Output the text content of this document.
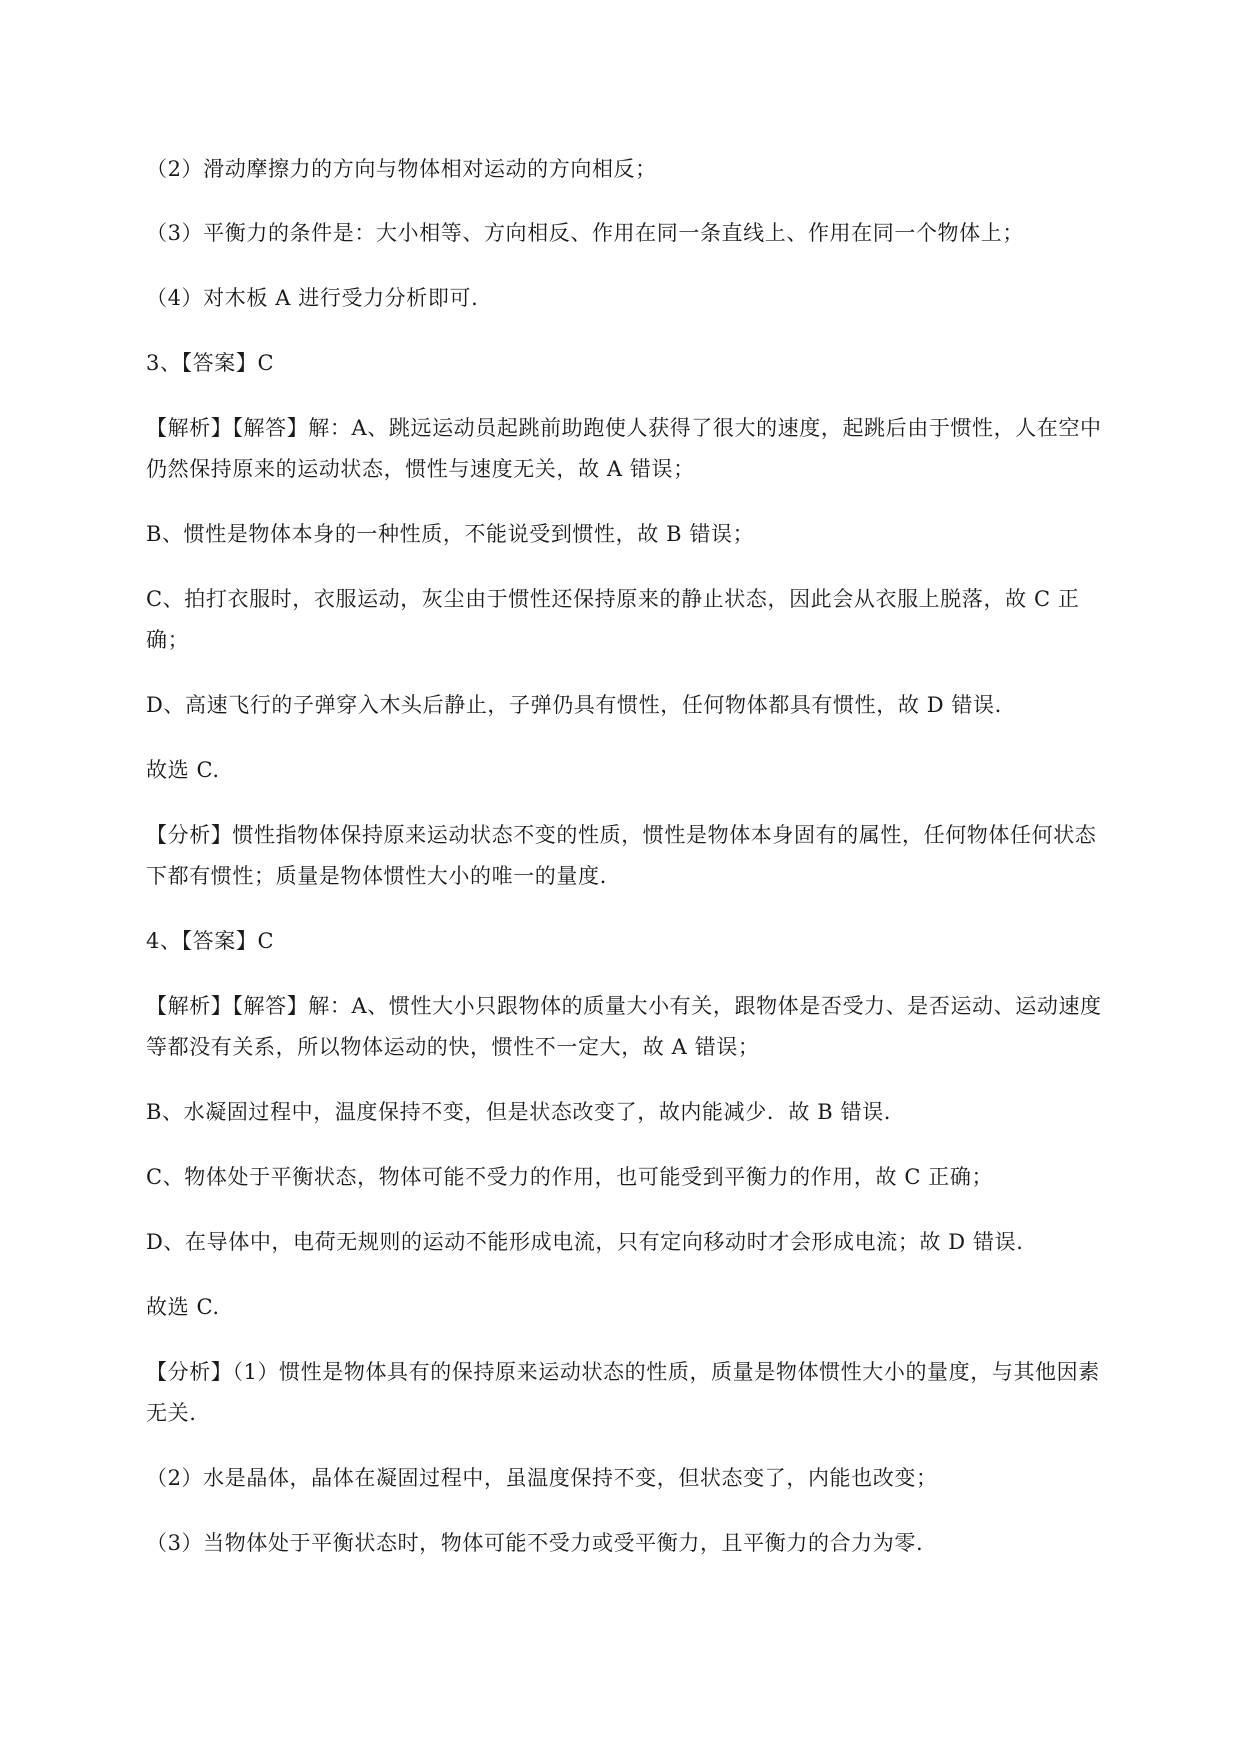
（2）滑动摩擦力的方向与物体相对运动的方向相反；
（3）平衡力的条件是：大小相等、方向相反、作用在同一条直线上、作用在同一个物体上；
（4）对木板 A 进行受力分析即可.
3、【答案】C
【解析】【解答】解：A、跳远运动员起跳前助跑使人获得了很大的速度，起跳后由于惯性，人在空中
仍然保持原来的运动状态，惯性与速度无关，故 A 错误；
B、惯性是物体本身的一种性质，不能说受到惯性，故 B 错误；
C、拍打衣服时，衣服运动，灰尘由于惯性还保持原来的静止状态，因此会从衣服上脱落，故 C 正
确；
D、高速飞行的子弹穿入木头后静止，子弹仍具有惯性，任何物体都具有惯性，故 D 错误.
故选 C.
【分析】惯性指物体保持原来运动状态不变的性质，惯性是物体本身固有的属性，任何物体任何状态
下都有惯性；质量是物体惯性大小的唯一的量度.
4、【答案】C
【解析】【解答】解：A、惯性大小只跟物体的质量大小有关，跟物体是否受力、是否运动、运动速度
等都没有关系，所以物体运动的快，惯性不一定大，故 A 错误；
B、水凝固过程中，温度保持不变，但是状态改变了，故内能减少．故 B 错误.
C、物体处于平衡状态，物体可能不受力的作用，也可能受到平衡力的作用，故 C 正确；
D、在导体中，电荷无规则的运动不能形成电流，只有定向移动时才会形成电流；故 D 错误.
故选 C.
【分析】（1）惯性是物体具有的保持原来运动状态的性质，质量是物体惯性大小的量度，与其他因素
无关.
（2）水是晶体，晶体在凝固过程中，虽温度保持不变，但状态变了，内能也改变；
（3）当物体处于平衡状态时，物体可能不受力或受平衡力，且平衡力的合力为零.
